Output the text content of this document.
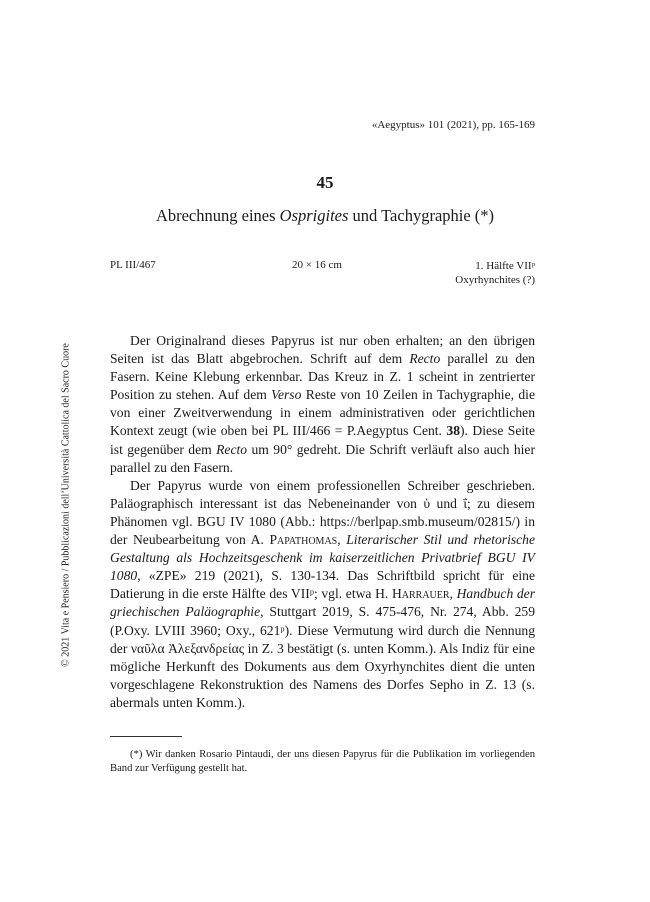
«Aegyptus» 101 (2021), pp. 165-169
45
Abrechnung eines Osprigites und Tachygraphie (*)
PL III/467	20 × 16 cm	1. Hälfte VIIᵖ
Oxyrhynchites (?)

Der Originalrand dieses Papyrus ist nur oben erhalten; an den übrigen Seiten ist das Blatt abgebrochen. Schrift auf dem Recto parallel zu den Fasern. Keine Klebung erkennbar. Das Kreuz in Z. 1 scheint in zentrierter Position zu stehen. Auf dem Verso Reste von 10 Zeilen in Tachygraphie, die von einer Zweitverwendung in einem administrativen oder gerichtlichen Kontext zeugt (wie oben bei PL III/466 = P.Aegyptus Cent. 38). Diese Seite ist gegenüber dem Recto um 90° gedreht. Die Schrift verläuft also auch hier parallel zu den Fasern.

Der Papyrus wurde von einem professionellen Schreiber geschrieben. Paläographisch interessant ist das Nebeneinander von ὑ und ΐ; zu diesem Phänomen vgl. BGU IV 1080 (Abb.: https://berlpap.smb.museum/02815/) in der Neubearbeitung von A. Papathomas, Literarischer Stil und rhetorische Gestaltung als Hochzeitsgeschenk im kaiserzeitlichen Privatbrief BGU IV 1080, «ZPE» 219 (2021), S. 130-134. Das Schriftbild spricht für eine Datierung in die erste Hälfte des VIIᵖ; vgl. etwa H. Harrauer, Handbuch der griechischen Paläographie, Stuttgart 2019, S. 475-476, Nr. 274, Abb. 259 (P.Oxy. LVIII 3960; Oxy., 621ᵖ). Diese Vermutung wird durch die Nennung der ναῦλα Ἀλεξανδρείας in Z. 3 bestätigt (s. unten Komm.). Als Indiz für eine mögliche Herkunft des Dokuments aus dem Oxyrhynchites dient die unten vorgeschlagene Rekonstruktion des Namens des Dorfes Sepho in Z. 13 (s. abermals unten Komm.).

(*) Wir danken Rosario Pintaudi, der uns diesen Papyrus für die Publikation im vorliegenden Band zur Verfügung gestellt hat.
© 2021 Vita e Pensiero / Pubblicazioni dell’Università Cattolica del Sacro Cuore
